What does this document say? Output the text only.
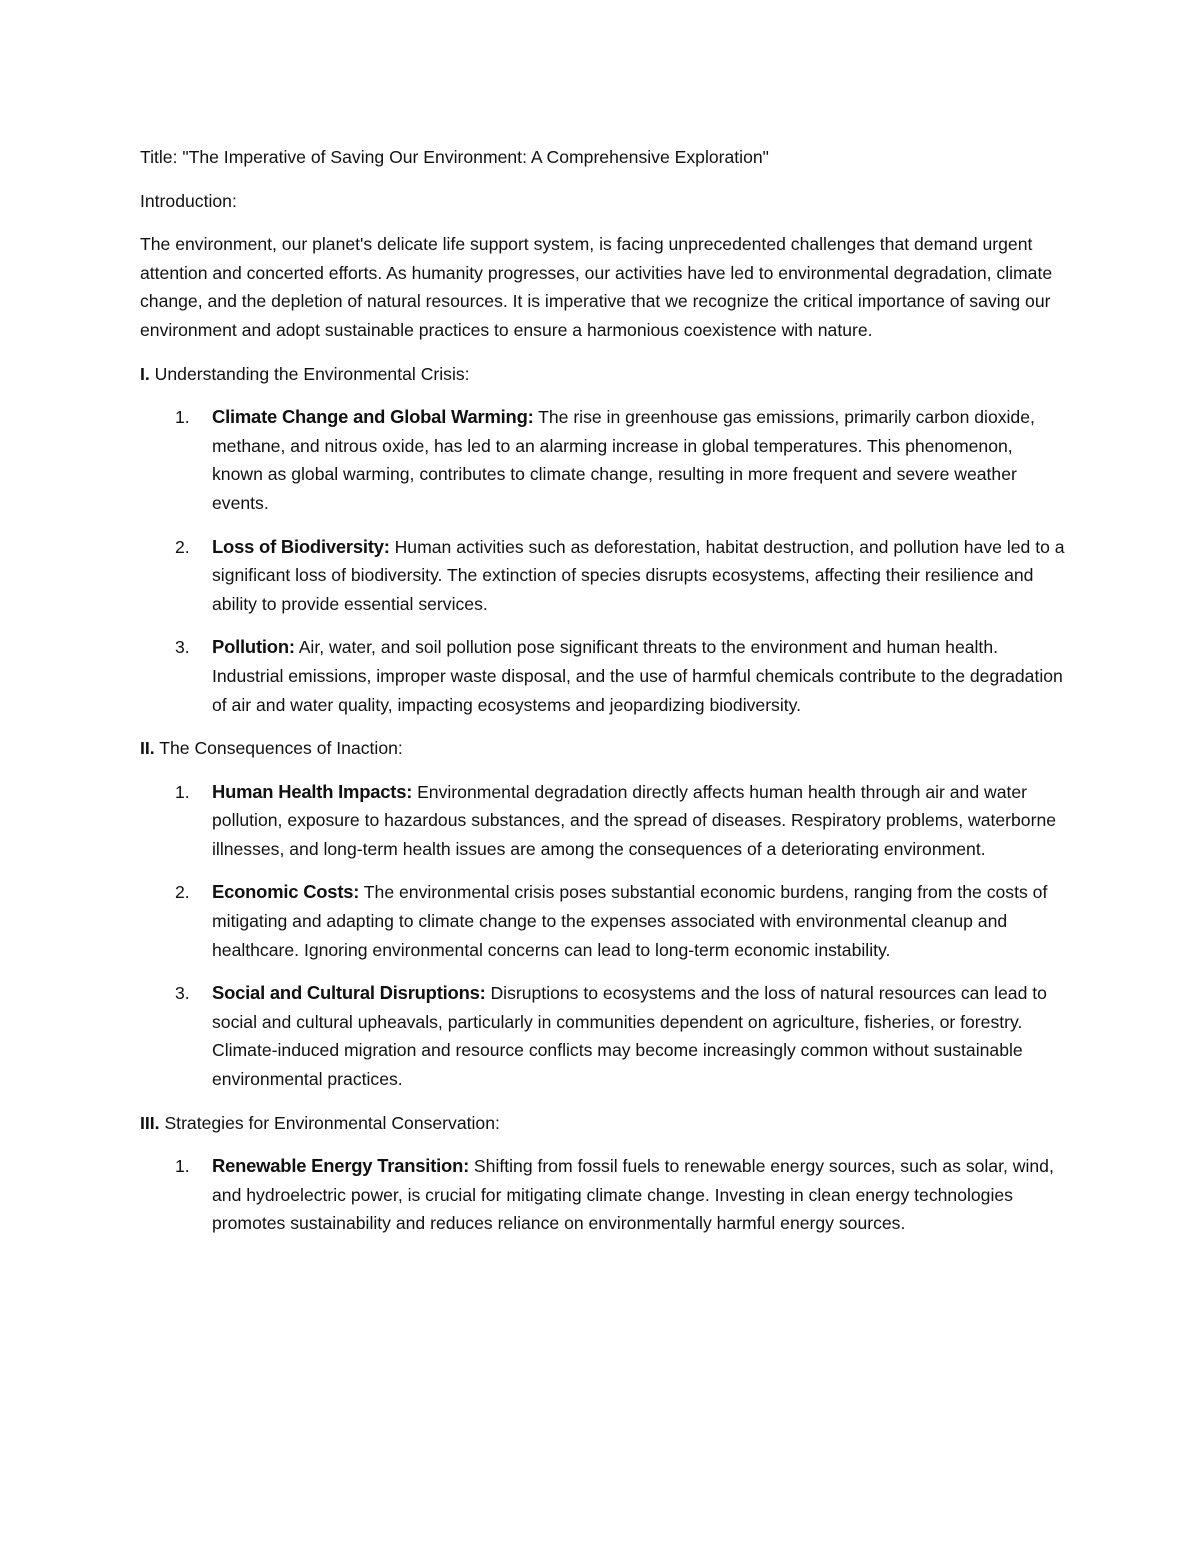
Title: "The Imperative of Saving Our Environment: A Comprehensive Exploration"

Introduction:

The environment, our planet's delicate life support system, is facing unprecedented challenges that demand urgent attention and concerted efforts. As humanity progresses, our activities have led to environmental degradation, climate change, and the depletion of natural resources. It is imperative that we recognize the critical importance of saving our environment and adopt sustainable practices to ensure a harmonious coexistence with nature.

I. Understanding the Environmental Crisis:

1. Climate Change and Global Warming: The rise in greenhouse gas emissions, primarily carbon dioxide, methane, and nitrous oxide, has led to an alarming increase in global temperatures. This phenomenon, known as global warming, contributes to climate change, resulting in more frequent and severe weather events.
2. Loss of Biodiversity: Human activities such as deforestation, habitat destruction, and pollution have led to a significant loss of biodiversity. The extinction of species disrupts ecosystems, affecting their resilience and ability to provide essential services.
3. Pollution: Air, water, and soil pollution pose significant threats to the environment and human health. Industrial emissions, improper waste disposal, and the use of harmful chemicals contribute to the degradation of air and water quality, impacting ecosystems and jeopardizing biodiversity.

II. The Consequences of Inaction:

1. Human Health Impacts: Environmental degradation directly affects human health through air and water pollution, exposure to hazardous substances, and the spread of diseases. Respiratory problems, waterborne illnesses, and long-term health issues are among the consequences of a deteriorating environment.
2. Economic Costs: The environmental crisis poses substantial economic burdens, ranging from the costs of mitigating and adapting to climate change to the expenses associated with environmental cleanup and healthcare. Ignoring environmental concerns can lead to long-term economic instability.
3. Social and Cultural Disruptions: Disruptions to ecosystems and the loss of natural resources can lead to social and cultural upheavals, particularly in communities dependent on agriculture, fisheries, or forestry. Climate-induced migration and resource conflicts may become increasingly common without sustainable environmental practices.

III. Strategies for Environmental Conservation:

1. Renewable Energy Transition: Shifting from fossil fuels to renewable energy sources, such as solar, wind, and hydroelectric power, is crucial for mitigating climate change. Investing in clean energy technologies promotes sustainability and reduces reliance on environmentally harmful energy sources.
